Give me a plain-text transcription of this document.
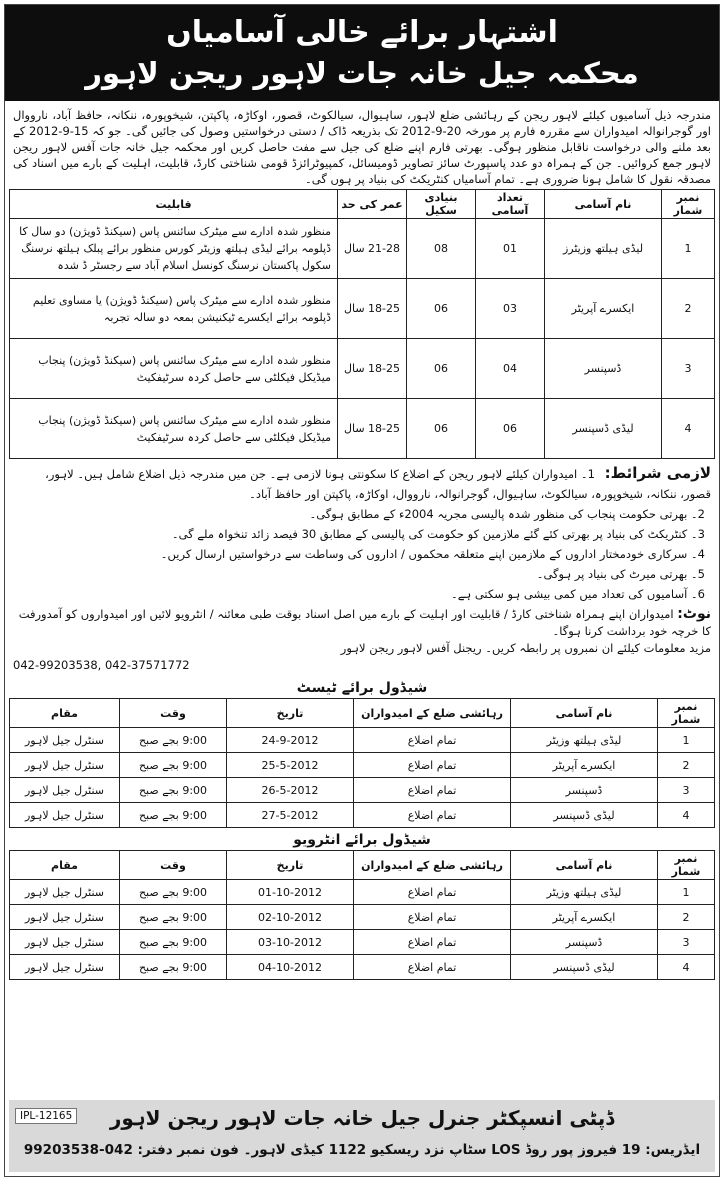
اشتہار برائے خالی آسامیاں
محکمہ جیل خانہ جات لاہور ریجن لاہور
مندرجہ ذیل آسامیوں کیلئے لاہور ریجن کے رہائشی ضلع لاہور، ساہیوال، سیالکوٹ، قصور، اوکاڑہ، پاکپتن، شیخوپورہ، ننکانہ، حافظ آباد، نارووال اور گوجرانوالہ امیدواران سے مقررہ فارم پر مورخہ 20-9-2012 تک بذریعہ ڈاک / دستی درخواستیں وصول کی جائیں گی۔ جو کہ 15-9-2012 کے بعد ملنے والی درخواست ناقابل منظور ہوگی۔ بھرتی فارم اپنے ضلع کی جیل سے مفت حاصل کریں اور محکمہ جیل خانہ جات آفس لاہور ریجن لاہور جمع کروائیں۔ جن کے ہمراہ دو عدد پاسپورٹ سائز تصاویر ڈومیسائل، کمپیوٹرائزڈ قومی شناختی کارڈ، قابلیت، اہلیت کے بارے میں اسناد کی مصدقہ نقول کا شامل ہونا ضروری ہے۔ تمام آسامیاں کنٹریکٹ کی بنیاد پر ہوں گی۔
نمبر شمار	نام آسامی	تعداد آسامی	بنیادی سکیل	عمر کی حد	قابلیت
1	لیڈی ہیلتھ وزیٹرز	01	08	21-28 سال	منظور شدہ ادارے سے میٹرک سائنس پاس (سیکنڈ ڈویژن) دو سال کا ڈپلومہ برائے لیڈی ہیلتھ وزیٹر کورس منظور برائے پبلک ہیلتھ نرسنگ سکول پاکستان نرسنگ کونسل اسلام آباد سے رجسٹر ڈ شدہ
2	ایکسرے آپریٹر	03	06	18-25 سال	منظور شدہ ادارے سے میٹرک پاس (سیکنڈ ڈویژن) یا مساوی تعلیم ڈپلومہ برائے ایکسرے ٹیکنیشن بمعہ دو سالہ تجربہ
3	ڈسپنسر	04	06	18-25 سال	منظور شدہ ادارے سے میٹرک سائنس پاس (سیکنڈ ڈویژن) پنجاب میڈیکل فیکلٹی سے حاصل کردہ سرٹیفکیٹ
4	لیڈی ڈسپنسر	06	06	18-25 سال	منظور شدہ ادارے سے میٹرک سائنس پاس (سیکنڈ ڈویژن) پنجاب میڈیکل فیکلٹی سے حاصل کردہ سرٹیفکیٹ
لازمی شرائط: 1۔ امیدواران کیلئے لاہور ریجن کے اضلاع کا سکونتی ہونا لازمی ہے۔ جن میں مندرجہ ذیل اضلاع شامل ہیں۔ لاہور، قصور، ننکانہ، شیخوپورہ، سیالکوٹ، ساہیوال، گوجرانوالہ، نارووال، اوکاڑہ، پاکپتن اور حافظ آباد۔
2۔ بھرتی حکومت پنجاب کی منظور شدہ پالیسی مجریہ 2004ء کے مطابق ہوگی۔
3۔ کنٹریکٹ کی بنیاد پر بھرتی کئے گئے ملازمین کو حکومت کی پالیسی کے مطابق 30 فیصد زائد تنخواہ ملے گی۔
4۔ سرکاری خودمختار اداروں کے ملازمین اپنے متعلقہ محکموں / اداروں کی وساطت سے درخواستیں ارسال کریں۔
5۔ بھرتی میرٹ کی بنیاد پر ہوگی۔
6۔ آسامیوں کی تعداد میں کمی بیشی ہو سکتی ہے۔
نوٹ: امیدواران اپنے ہمراہ شناختی کارڈ / قابلیت اور اہلیت کے بارے میں اصل اسناد بوقت طبی معائنہ / انٹرویو لائیں اور امیدواروں کو آمدورفت کا خرچہ خود برداشت کرنا ہوگا۔
مزید معلومات کیلئے ان نمبروں پر رابطہ کریں۔ ریجنل آفس لاہور ریجن لاہور
042-99203538, 042-37571772
شیڈول برائے ٹیسٹ
نمبر شمار	نام آسامی	رہائشی ضلع کے امیدواران	تاریخ	وقت	مقام
1	لیڈی ہیلتھ وزیٹر	تمام اضلاع	24-9-2012	9:00 بجے صبح	سنٹرل جیل لاہور
2	ایکسرے آپریٹر	تمام اضلاع	25-5-2012	9:00 بجے صبح	سنٹرل جیل لاہور
3	ڈسپنسر	تمام اضلاع	26-5-2012	9:00 بجے صبح	سنٹرل جیل لاہور
4	لیڈی ڈسپنسر	تمام اضلاع	27-5-2012	9:00 بجے صبح	سنٹرل جیل لاہور
شیڈول برائے انٹرویو
نمبر شمار	نام آسامی	رہائشی ضلع کے امیدواران	تاریخ	وقت	مقام
1	لیڈی ہیلتھ وزیٹر	تمام اضلاع	01-10-2012	9:00 بجے صبح	سنٹرل جیل لاہور
2	ایکسرے آپریٹر	تمام اضلاع	02-10-2012	9:00 بجے صبح	سنٹرل جیل لاہور
3	ڈسپنسر	تمام اضلاع	03-10-2012	9:00 بجے صبح	سنٹرل جیل لاہور
4	لیڈی ڈسپنسر	تمام اضلاع	04-10-2012	9:00 بجے صبح	سنٹرل جیل لاہور
IPL-12165	ڈپٹی انسپکٹر جنرل جیل خانہ جات لاہور ریجن لاہور
ایڈریس: 19 فیروز پور روڈ LOS سٹاپ نزد ریسکیو 1122 کیڈی لاہور۔ فون نمبر دفتر: 042-99203538
